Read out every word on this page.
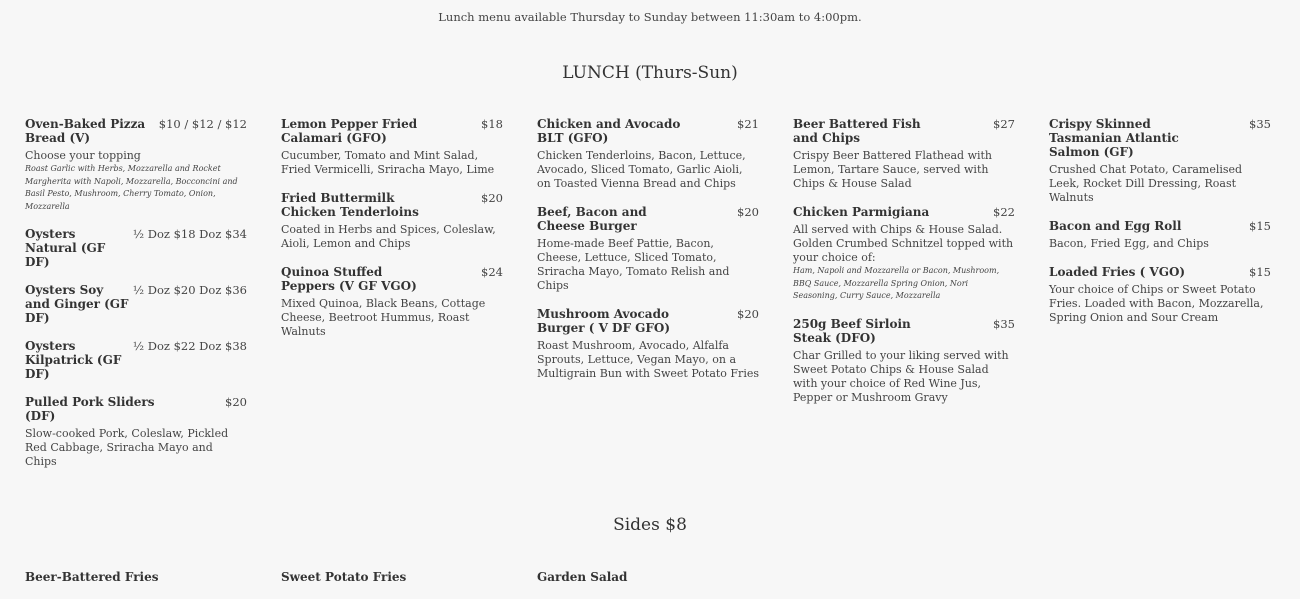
Lunch menu available Thursday to Sunday between 11:30am to 4:00pm.
LUNCH (Thurs-Sun)
Oven-Baked Pizza Bread (V)
$10 / $12 / $12
Choose your topping
Roast Garlic with Herbs, Mozzarella and Rocket Margherita with Napoli, Mozzarella, Bocconcini and Basil Pesto, Mushroom, Cherry Tomato, Onion, Mozzarella
Oysters Natural (GF DF)
½ Doz $18 Doz $34
Oysters Soy and Ginger (GF DF)
½ Doz $20 Doz $36
Oysters Kilpatrick (GF DF)
½ Doz $22 Doz $38
Pulled Pork Sliders (DF)
$20
Slow-cooked Pork, Coleslaw, Pickled Red Cabbage, Sriracha Mayo and Chips
Lemon Pepper Fried Calamari (GFO)
$18
Cucumber, Tomato and Mint Salad, Fried Vermicelli, Sriracha Mayo, Lime
Fried Buttermilk Chicken Tenderloins
$20
Coated in Herbs and Spices, Coleslaw, Aioli, Lemon and Chips
Quinoa Stuffed Peppers (V GF VGO)
$24
Mixed Quinoa, Black Beans, Cottage Cheese, Beetroot Hummus, Roast Walnuts
Chicken and Avocado BLT (GFO)
$21
Chicken Tenderloins, Bacon, Lettuce, Avocado, Sliced Tomato, Garlic Aioli, on Toasted Vienna Bread and Chips
Beef, Bacon and Cheese Burger
$20
Home-made Beef Pattie, Bacon, Cheese, Lettuce, Sliced Tomato, Sriracha Mayo, Tomato Relish and Chips
Mushroom Avocado Burger ( V DF GFO)
$20
Roast Mushroom, Avocado, Alfalfa Sprouts, Lettuce, Vegan Mayo, on a Multigrain Bun with Sweet Potato Fries
Beer Battered Fish and Chips
$27
Crispy Beer Battered Flathead with Lemon, Tartare Sauce, served with Chips & House Salad
Chicken Parmigiana	$22
All served with Chips & House Salad. Golden Crumbed Schnitzel topped with your choice of:
Ham, Napoli and Mozzarella or Bacon, Mushroom, BBQ Sauce, Mozzarella Spring Onion, Nori Seasoning, Curry Sauce, Mozzarella
250g Beef Sirloin Steak (DFO)
$35
Char Grilled to your liking served with Sweet Potato Chips & House Salad with your choice of Red Wine Jus, Pepper or Mushroom Gravy
Crispy Skinned Tasmanian Atlantic Salmon (GF)
$35
Crushed Chat Potato, Caramelised Leek, Rocket Dill Dressing, Roast Walnuts
Bacon and Egg Roll	$15
Bacon, Fried Egg, and Chips
Loaded Fries ( VGO)	$15
Your choice of Chips or Sweet Potato Fries. Loaded with Bacon, Mozzarella, Spring Onion and Sour Cream
Sides $8
Beer-Battered Fries	Sweet Potato Fries	Garden Salad
